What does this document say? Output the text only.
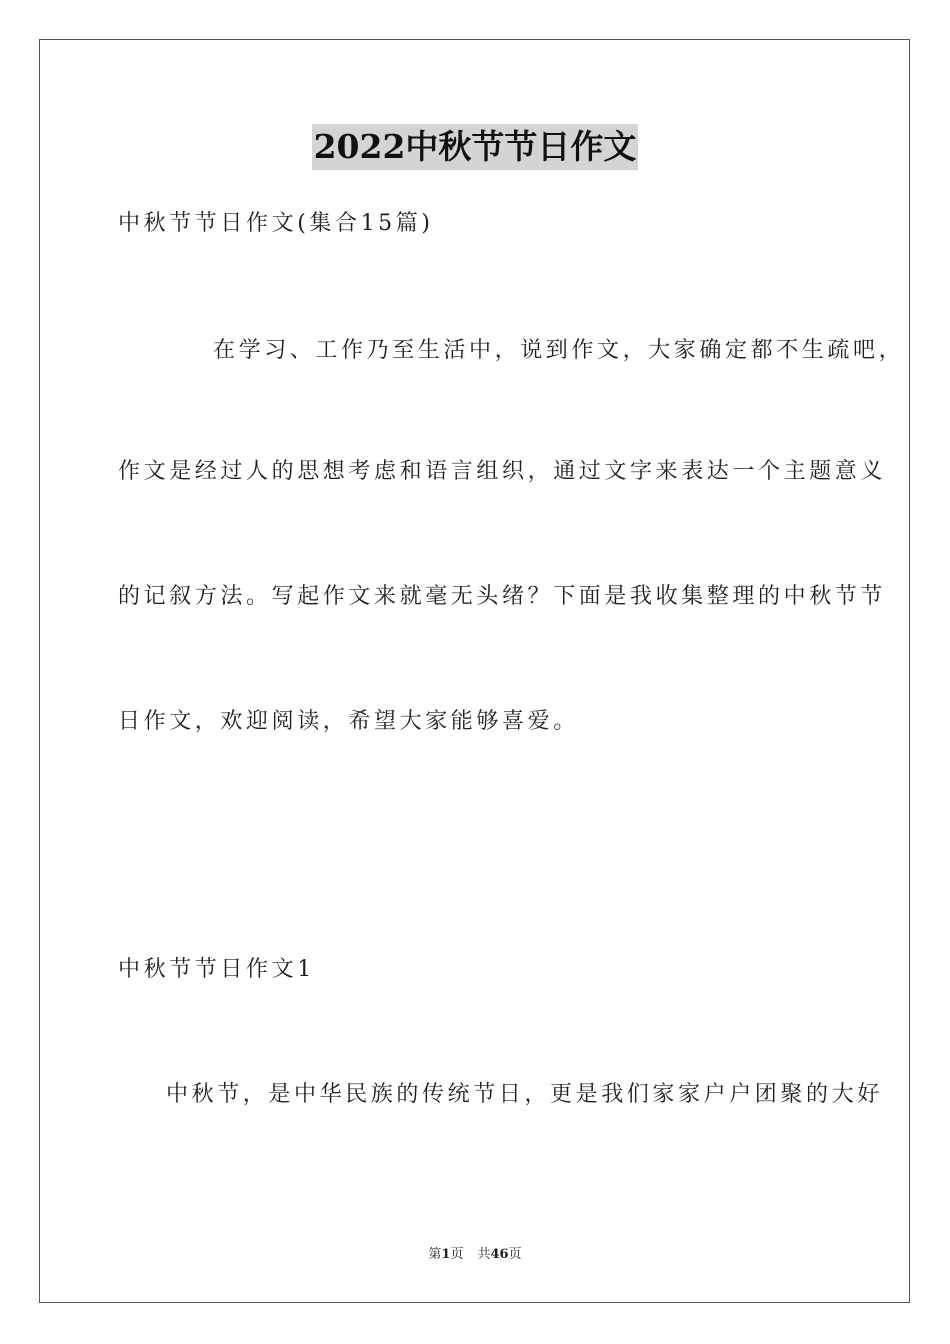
2022中秋节节日作文
中秋节节日作文(集合15篇)
在学习、工作乃至生活中，说到作文，大家确定都不生疏吧，
作文是经过人的思想考虑和语言组织，通过文字来表达一个主题意义
的记叙方法。写起作文来就毫无头绪？下面是我收集整理的中秋节节
日作文，欢迎阅读，希望大家能够喜爱。
中秋节节日作文1
中秋节，是中华民族的传统节日，更是我们家家户户团聚的大好
第1页 共46页
